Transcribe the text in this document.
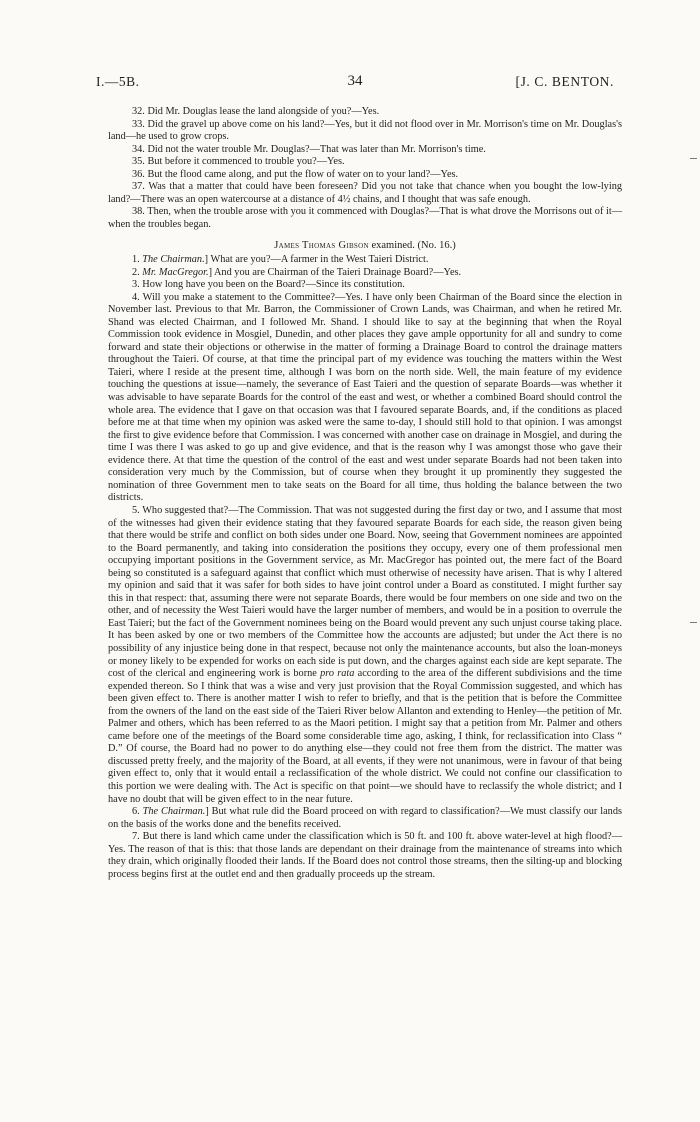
I.—5B.	34	[J. C. BENTON.

32. Did Mr. Douglas lease the land alongside of you?—Yes.

33. Did the gravel up above come on his land?—Yes, but it did not flood over in Mr. Morrison's time on Mr. Douglas's land—he used to grow crops.

34. Did not the water trouble Mr. Douglas?—That was later than Mr. Morrison's time.

35. But before it commenced to trouble you?—Yes.

36. But the flood came along, and put the flow of water on to your land?—Yes.

37. Was that a matter that could have been foreseen? Did you not take that chance when you bought the low-lying land?—There was an open watercourse at a distance of 4½ chains, and I thought that was safe enough.

38. Then, when the trouble arose with you it commenced with Douglas?—That is what drove the Morrisons out of it—when the troubles began.

James Thomas Gibson examined. (No. 16.)

1. The Chairman.] What are you?—A farmer in the West Taieri District.

2. Mr. MacGregor.] And you are Chairman of the Taieri Drainage Board?—Yes.

3. How long have you been on the Board?—Since its constitution.

4. Will you make a statement to the Committee?—Yes. I have only been Chairman of the Board since the election in November last. Previous to that Mr. Barron, the Commissioner of Crown Lands, was Chairman, and when he retired Mr. Shand was elected Chairman, and I followed Mr. Shand. I should like to say at the beginning that when the Royal Commission took evidence in Mosgiel, Dunedin, and other places they gave ample opportunity for all and sundry to come forward and state their objections or otherwise in the matter of forming a Drainage Board to control the drainage matters throughout the Taieri. Of course, at that time the principal part of my evidence was touching the matters within the West Taieri, where I reside at the present time, although I was born on the north side. Well, the main feature of my evidence touching the questions at issue—namely, the severance of East Taieri and the question of separate Boards—was whether it was advisable to have separate Boards for the control of the east and west, or whether a combined Board should control the whole area. The evidence that I gave on that occasion was that I favoured separate Boards, and, if the conditions as placed before me at that time when my opinion was asked were the same to-day, I should still hold to that opinion. I was amongst the first to give evidence before that Commission. I was concerned with another case on drainage in Mosgiel, and during the time I was there I was asked to go up and give evidence, and that is the reason why I was amongst those who gave their evidence there. At that time the question of the control of the east and west under separate Boards had not been taken into consideration very much by the Commission, but of course when they brought it up prominently they suggested the nomination of three Government men to take seats on the Board for all time, thus holding the balance between the two districts.

5. Who suggested that?—The Commission. That was not suggested during the first day or two, and I assume that most of the witnesses had given their evidence stating that they favoured separate Boards for each side, the reason given being that there would be strife and conflict on both sides under one Board. Now, seeing that Government nominees are appointed to the Board permanently, and taking into consideration the positions they occupy, every one of them professional men occupying important positions in the Government service, as Mr. MacGregor has pointed out, the mere fact of the Board being so constituted is a safeguard against that conflict which must otherwise of necessity have arisen. That is why I altered my opinion and said that it was safer for both sides to have joint control under a Board as constituted. I might further say this in that respect: that, assuming there were not separate Boards, there would be four members on one side and two on the other, and of necessity the West Taieri would have the larger number of members, and would be in a position to overrule the East Taieri; but the fact of the Government nominees being on the Board would prevent any such unjust course taking place. It has been asked by one or two members of the Committee how the accounts are adjusted; but under the Act there is no possibility of any injustice being done in that respect, because not only the maintenance accounts, but also the loan-moneys or money likely to be expended for works on each side is put down, and the charges against each side are kept separate. The cost of the clerical and engineering work is borne pro rata according to the area of the different subdivisions and the time expended thereon. So I think that was a wise and very just provision that the Royal Commission suggested, and which has been given effect to. There is another matter I wish to refer to briefly, and that is the petition that is before the Committee from the owners of the land on the east side of the Taieri River below Allanton and extending to Henley—the petition of Mr. Palmer and others, which has been referred to as the Maori petition. I might say that a petition from Mr. Palmer and others came before one of the meetings of the Board some considerable time ago, asking, I think, for reclassification into Class “ D.” Of course, the Board had no power to do anything else—they could not free them from the district. The matter was discussed pretty freely, and the majority of the Board, at all events, if they were not unanimous, were in favour of that being given effect to, only that it would entail a reclassification of the whole district. We could not confine our classification to this portion we were dealing with. The Act is specific on that point—we should have to reclassify the whole district; and I have no doubt that will be given effect to in the near future.

6. The Chairman.] But what rule did the Board proceed on with regard to classification?—We must classify our lands on the basis of the works done and the benefits received.

7. But there is land which came under the classification which is 50 ft. and 100 ft. above water-level at high flood?—Yes. The reason of that is this: that those lands are dependant on their drainage from the maintenance of streams into which they drain, which originally flooded their lands. If the Board does not control those streams, then the silting-up and blocking process begins first at the outlet end and then gradually proceeds up the stream.
